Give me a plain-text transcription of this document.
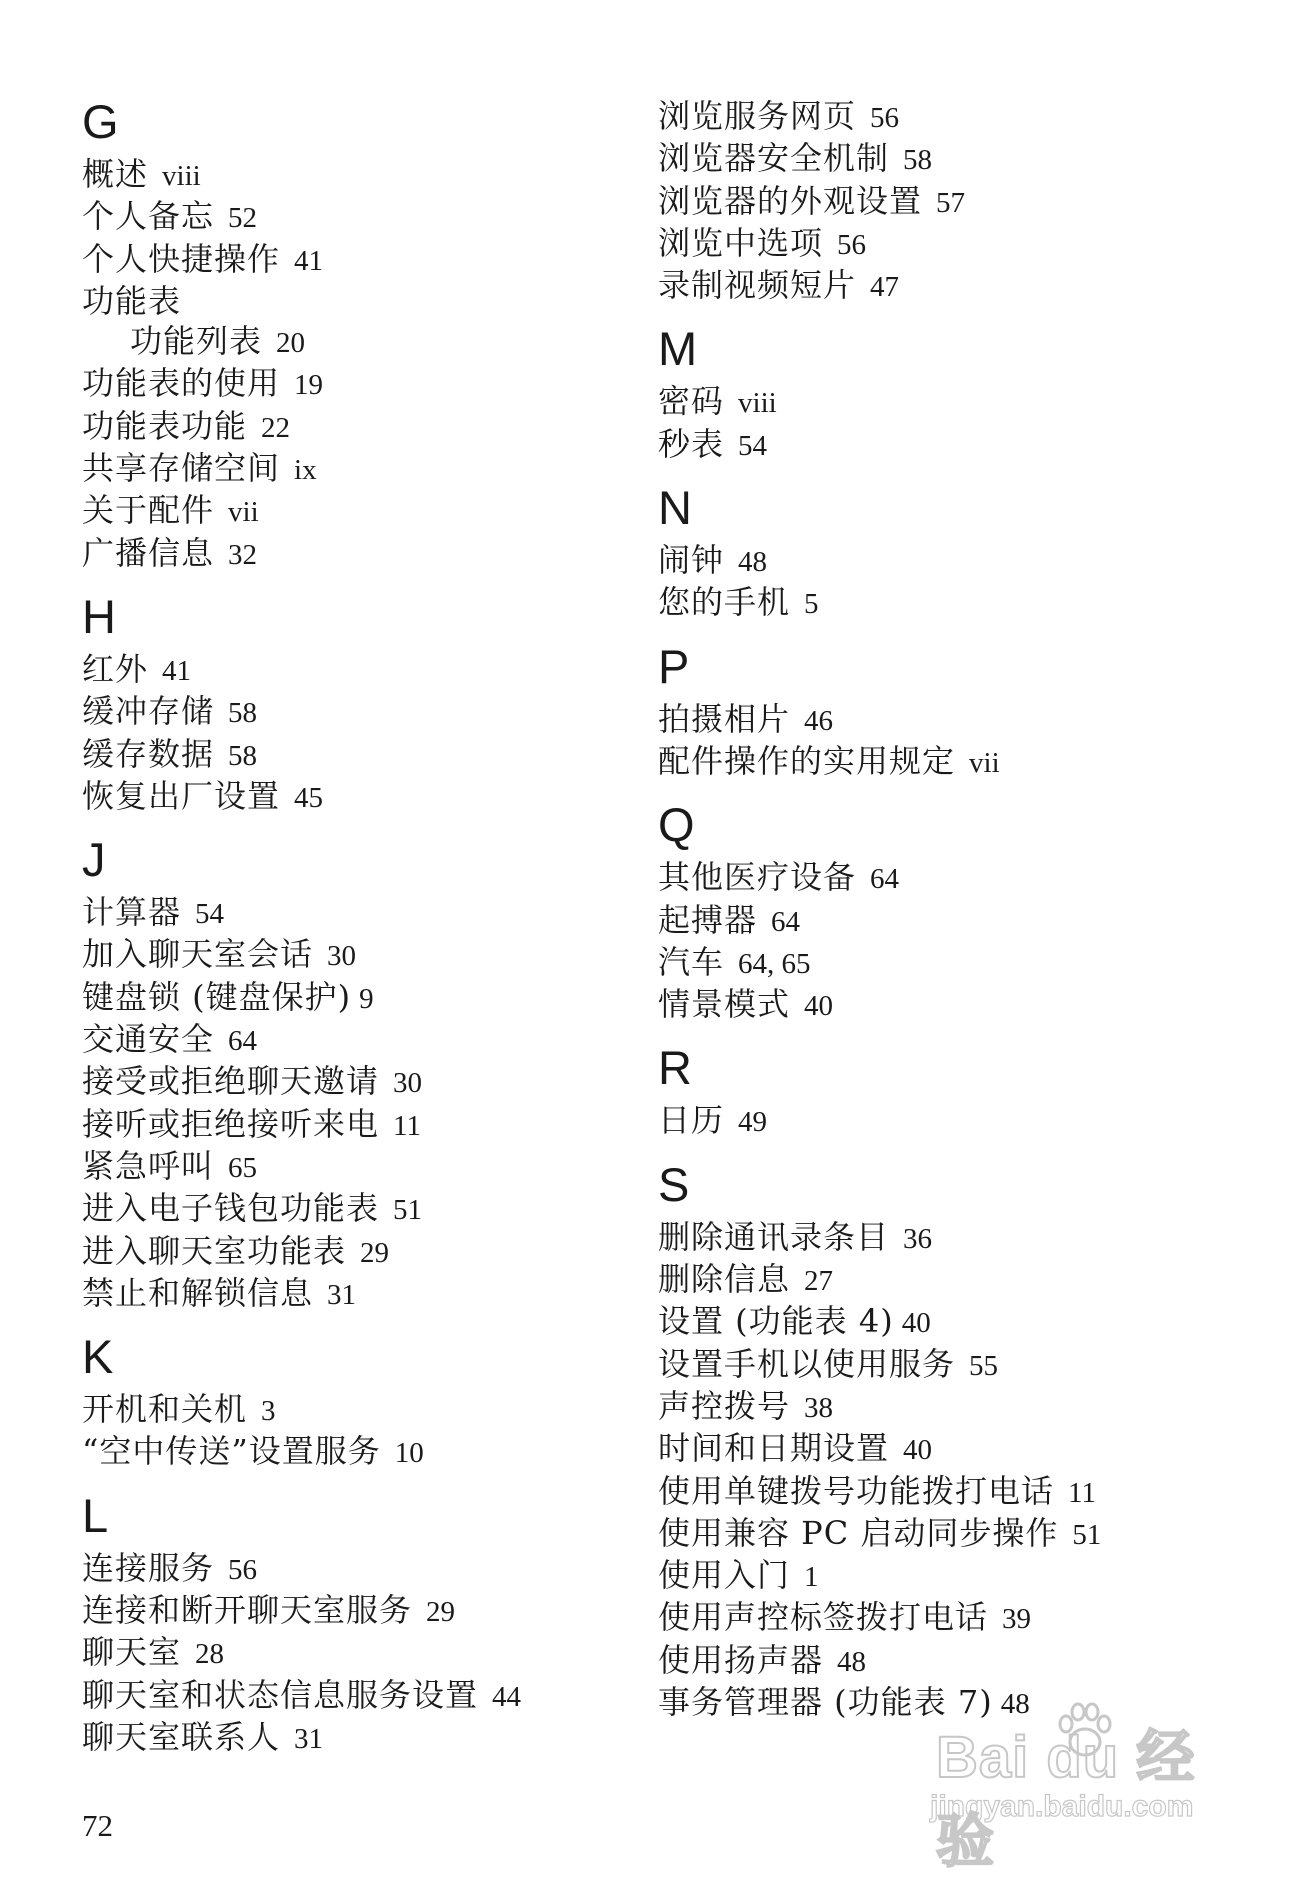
G
概述 viii
个人备忘 52
个人快捷操作 41
功能表
功能列表 20
功能表的使用 19
功能表功能 22
共享存储空间 ix
关于配件 vii
广播信息 32
H
红外 41
缓冲存储 58
缓存数据 58
恢复出厂设置 45
J
计算器 54
加入聊天室会话 30
键盘锁 (键盘保护) 9
交通安全 64
接受或拒绝聊天邀请 30
接听或拒绝接听来电 11
紧急呼叫 65
进入电子钱包功能表 51
进入聊天室功能表 29
禁止和解锁信息 31
K
开机和关机 3
“空中传送”设置服务 10
L
连接服务 56
连接和断开聊天室服务 29
聊天室 28
聊天室和状态信息服务设置 44
聊天室联系人 31
浏览服务网页 56
浏览器安全机制 58
浏览器的外观设置 57
浏览中选项 56
录制视频短片 47
M
密码 viii
秒表 54
N
闹钟 48
您的手机 5
P
拍摄相片 46
配件操作的实用规定 vii
Q
其他医疗设备 64
起搏器 64
汽车 64, 65
情景模式 40
R
日历 49
S
删除通讯录条目 36
删除信息 27
设置 (功能表 4) 40
设置手机以使用服务 55
声控拨号 38
时间和日期设置 40
使用单键拨号功能拨打电话 11
使用兼容 PC 启动同步操作 51
使用入门 1
使用声控标签拨打电话 39
使用扬声器 48
事务管理器 (功能表 7) 48
72
Bai du 经验
jingyan.baidu.com
